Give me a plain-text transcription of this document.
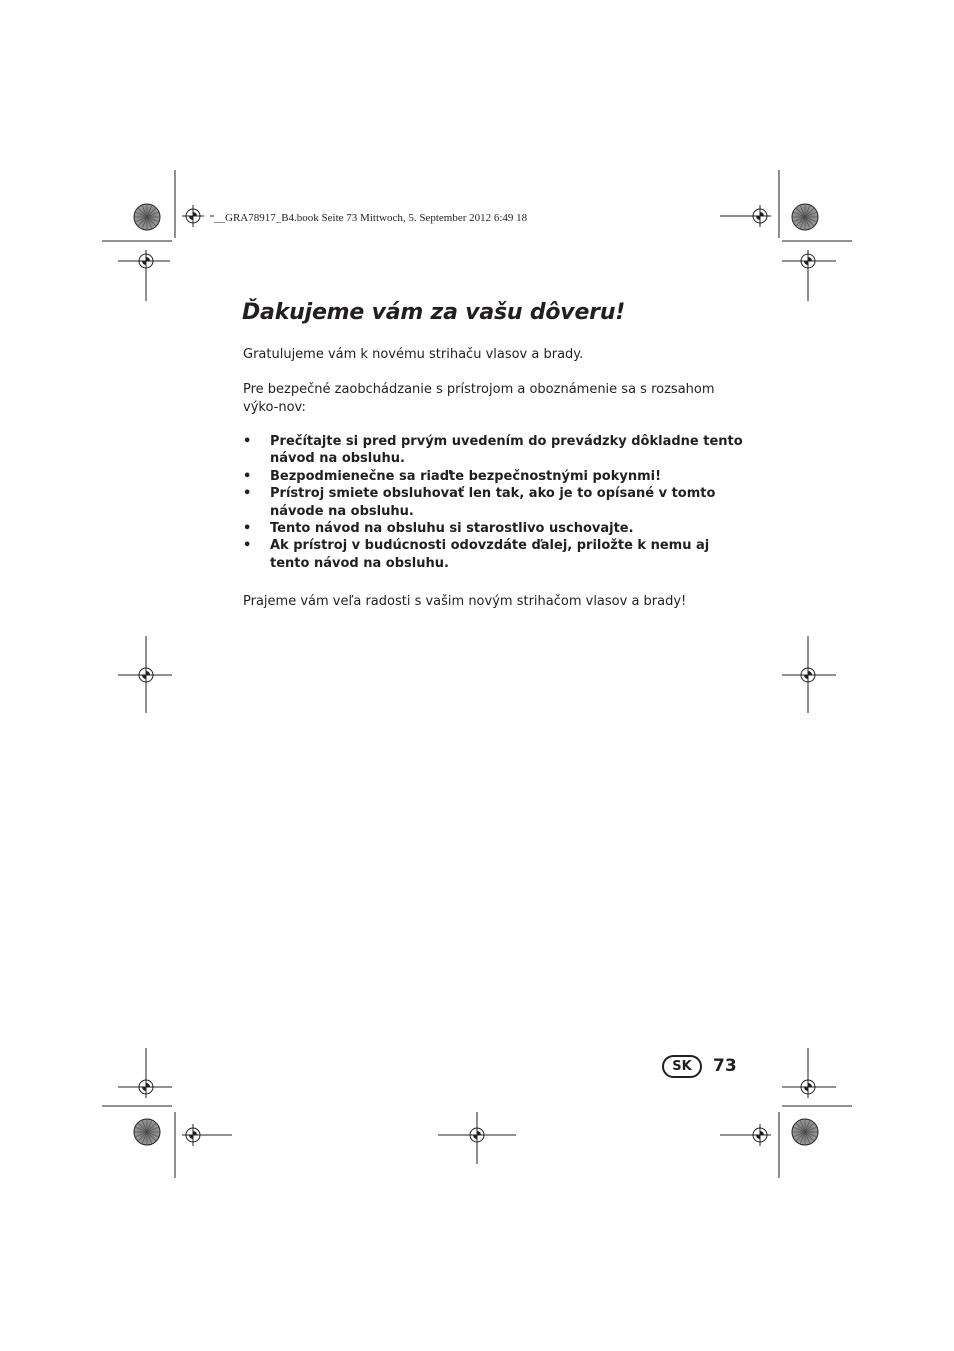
__GRA78917_B4.book Seite 73 Mittwoch, 5. September 2012 6:49 18
Ďakujeme vám za vašu dôveru!

Gratulujeme vám k novému strihaču vlasov a brady.

Pre bezpečné zaobchádzanie s prístrojom a oboznámenie sa s rozsahom výko-nov:

• Prečítajte si pred prvým uvedením do prevádzky dôkladne tento návod na obsluhu.
• Bezpodmienečne sa riaďte bezpečnostnými pokynmi!
• Prístroj smiete obsluhovať len tak, ako je to opísané v tomto návode na obsluhu.
• Tento návod na obsluhu si starostlivo uschovajte.
• Ak prístroj v budúcnosti odovzdáte ďalej, priložte k nemu aj tento návod na obsluhu.

Prajeme vám veľa radosti s vašim novým strihačom vlasov a brady!

SK	73
